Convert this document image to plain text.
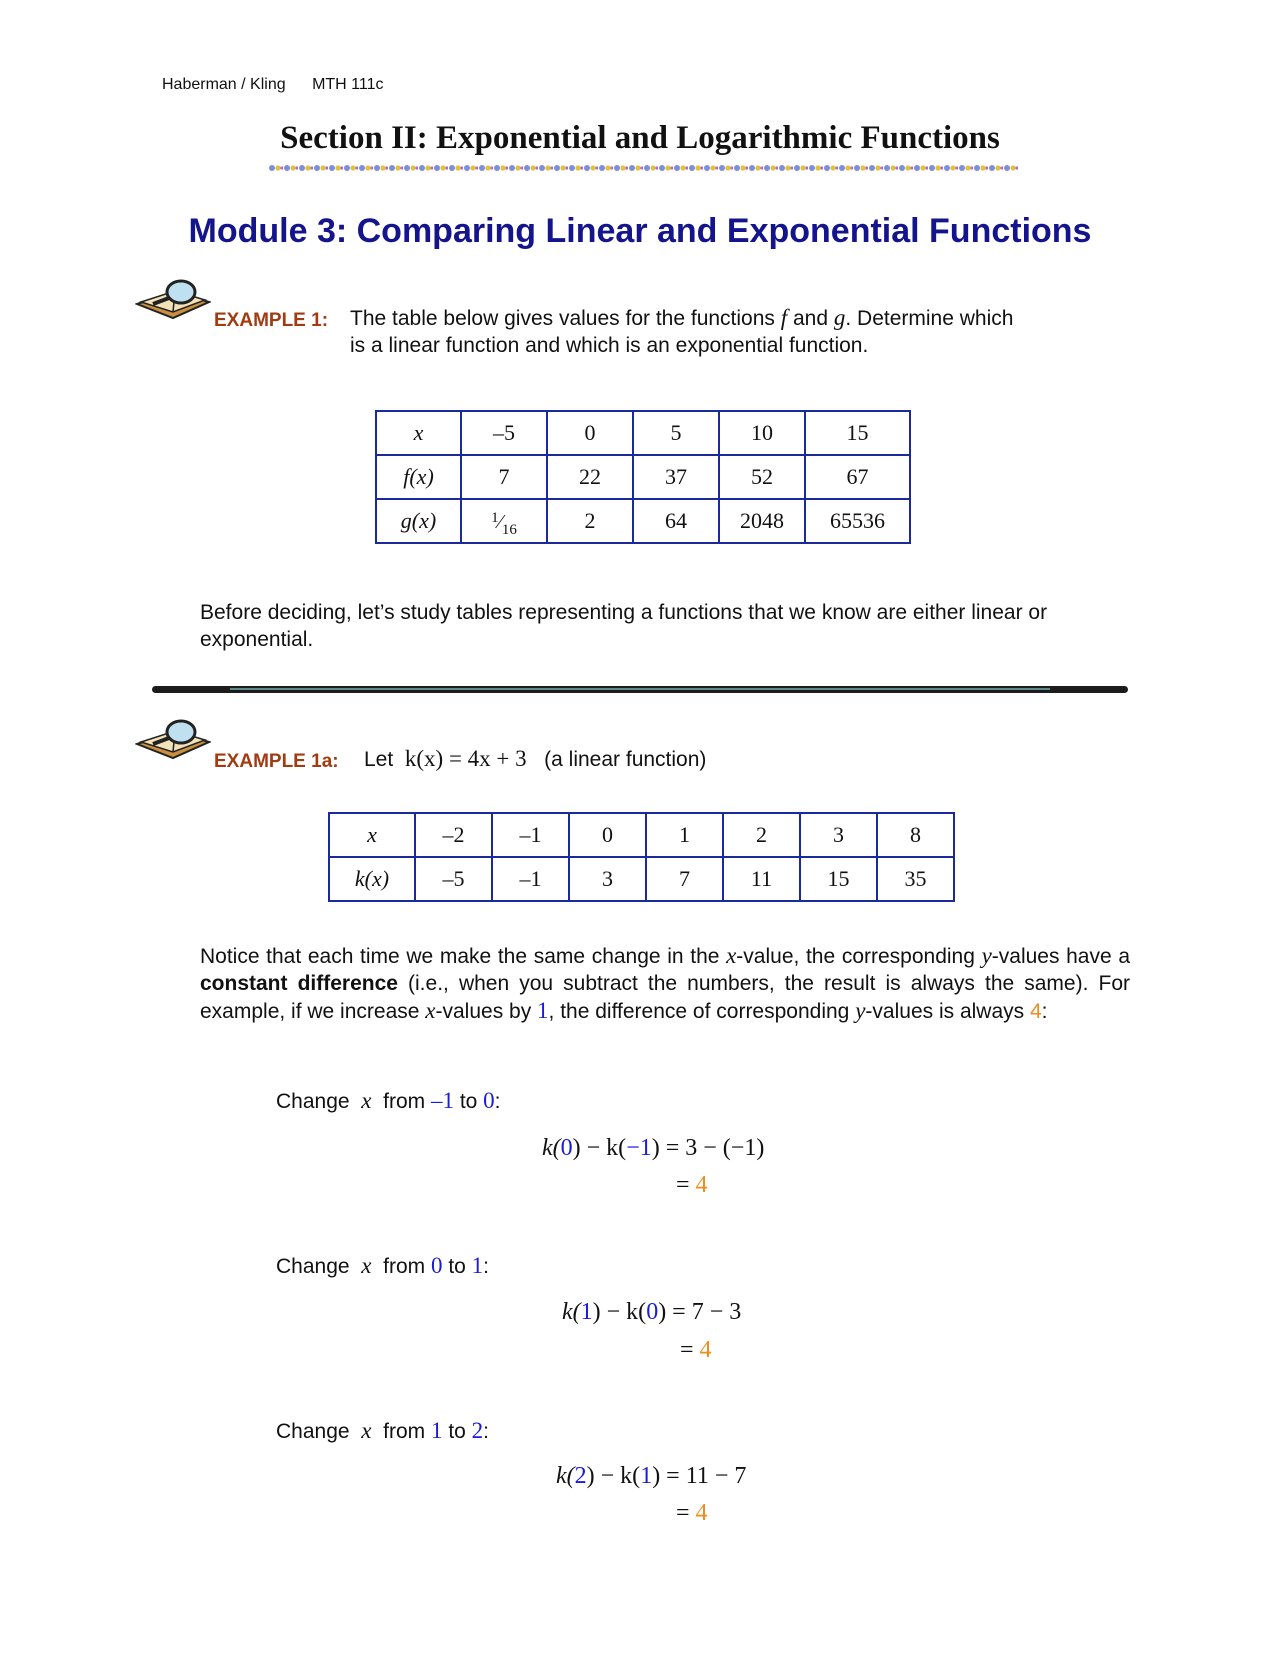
Haberman / Kling MTH 111c
Section II: Exponential and Logarithmic Functions
Module 3: Comparing Linear and Exponential Functions
EXAMPLE 1: The table below gives values for the functions f and g. Determine which
is a linear function and which is an exponential function.
x	–5	0	5	10	15
f(x)	7	22	37	52	67
g(x)	$^1⁄_{16}$	2	64	2048	65536
Before deciding, let’s study tables representing a functions that we know are either linear or exponential.
EXAMPLE 1a: Let k(x) = 4x + 3 (a linear function)
x	–2	–1	0	1	2	3	8
k(x)	–5	–1	3	7	11	15	35
Notice that each time we make the same change in the x-value, the corresponding y-values have a constant difference (i.e., when you subtract the numbers, the result is always the same). For example, if we increase x-values by 1, the difference of corresponding y-values is always 4:
Change x from –1 to 0:
k(0) − k(−1) = 3 − (−1)
= 4
Change x from 0 to 1:
k(1) − k(0) = 7 − 3
= 4
Change x from 1 to 2:
k(2) − k(1) = 11 − 7
= 4
